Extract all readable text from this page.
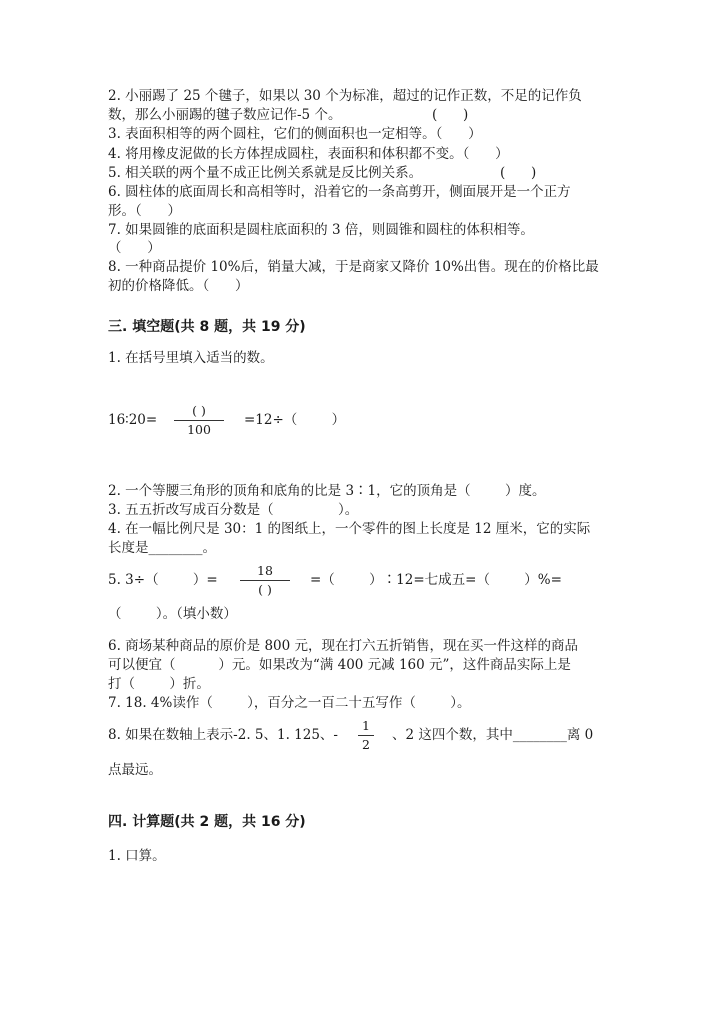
2. 小丽踢了 25 个毽子，如果以 30 个为标准，超过的记作正数，不足的记作负
数，那么小丽踢的毽子数应记作-5 个。	(      )
3. 表面积相等的两个圆柱，它们的侧面积也一定相等。（      ）
4. 将用橡皮泥做的长方体捏成圆柱，表面积和体积都不变。（      ）
5. 相关联的两个量不成正比例关系就是反比例关系。	(      )
6. 圆柱体的底面周长和高相等时，沿着它的一条高剪开，侧面展开是一个正方
形。（      ）
7. 如果圆锥的底面积是圆柱底面积的 3 倍，则圆锥和圆柱的体积相等。
（      ）
8. 一种商品提价 10%后，销量大减，于是商家又降价 10%出售。现在的价格比最
初的价格降低。（      ）
三. 填空题(共 8 题，共 19 分)
1. 在括号里填入适当的数。
16∶20=
( )
100
=12÷（        ）
2. 一个等腰三角形的顶角和底角的比是 3∶1，它的顶角是（        ）度。
3. 五五折改写成百分数是（               ）。
4. 在一幅比例尺是 30：1 的图纸上，一个零件的图上长度是 12 厘米，它的实际
长度是________。
5. 3÷（        ）=
18
( )
=（        ）∶12=七成五=（        ）%=
（        ）。（填小数）
6. 商场某种商品的原价是 800 元，现在打六五折销售，现在买一件这样的商品
可以便宜（          ）元。如果改为“满 400 元减 160 元”，这件商品实际上是
打（        ）折。
7. 18. 4%读作（        ），百分之一百二十五写作（        ）。
8. 如果在数轴上表示-2. 5、1. 125、-
1
2
、2 这四个数，其中________离 0
点最远。
四. 计算题(共 2 题，共 16 分)
1. 口算。
